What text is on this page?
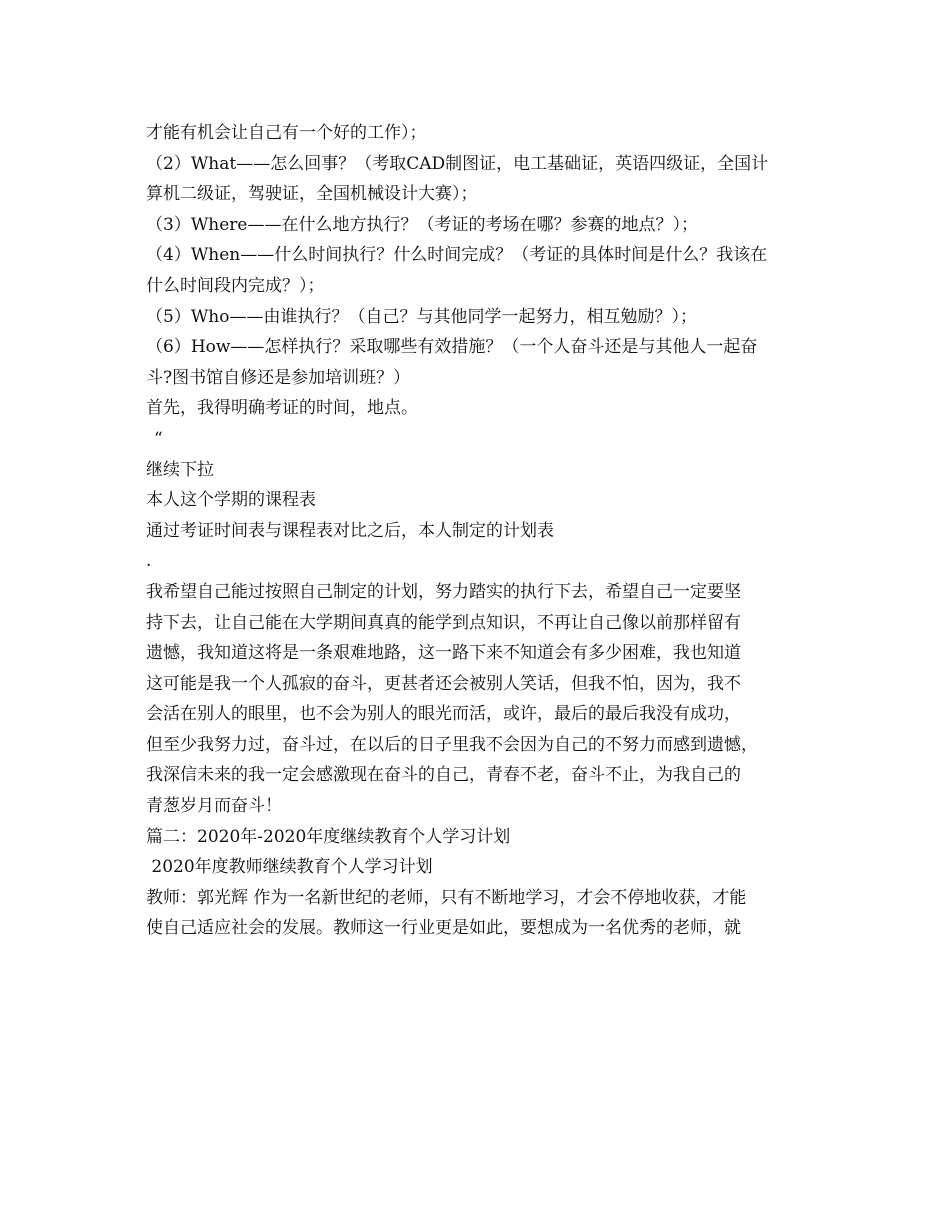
才能有机会让自己有一个好的工作）；
（2）What——怎么回事？（考取CAD制图证，电工基础证，英语四级证，全国计
算机二级证，驾驶证，全国机械设计大赛）；
（3）Where——在什么地方执行？（考证的考场在哪？参赛的地点？）；
（4）When——什么时间执行？什么时间完成？（考证的具体时间是什么？我该在
什么时间段内完成？）；
（5）Who——由谁执行？（自己？与其他同学一起努力，相互勉励？）；
（6）How——怎样执行？采取哪些有效措施？（一个人奋斗还是与其他人一起奋
斗?图书馆自修还是参加培训班？）
首先，我得明确考证的时间，地点。
“
继续下拉
本人这个学期的课程表
通过考证时间表与课程表对比之后，本人制定的计划表
.
我希望自己能过按照自己制定的计划，努力踏实的执行下去，希望自己一定要坚
持下去，让自己能在大学期间真真的能学到点知识，不再让自己像以前那样留有
遗憾，我知道这将是一条艰难地路，这一路下来不知道会有多少困难，我也知道
这可能是我一个人孤寂的奋斗，更甚者还会被别人笑话，但我不怕，因为，我不
会活在别人的眼里，也不会为别人的眼光而活，或许，最后的最后我没有成功，
但至少我努力过，奋斗过，在以后的日子里我不会因为自己的不努力而感到遗憾，
我深信未来的我一定会感激现在奋斗的自己，青春不老，奋斗不止，为我自己的
青葱岁月而奋斗！
篇二：2020年-2020年度继续教育个人学习计划
2020年度教师继续教育个人学习计划
教师：郭光辉 作为一名新世纪的老师，只有不断地学习，才会不停地收获，才能
使自己适应社会的发展。教师这一行业更是如此，要想成为一名优秀的老师，就
